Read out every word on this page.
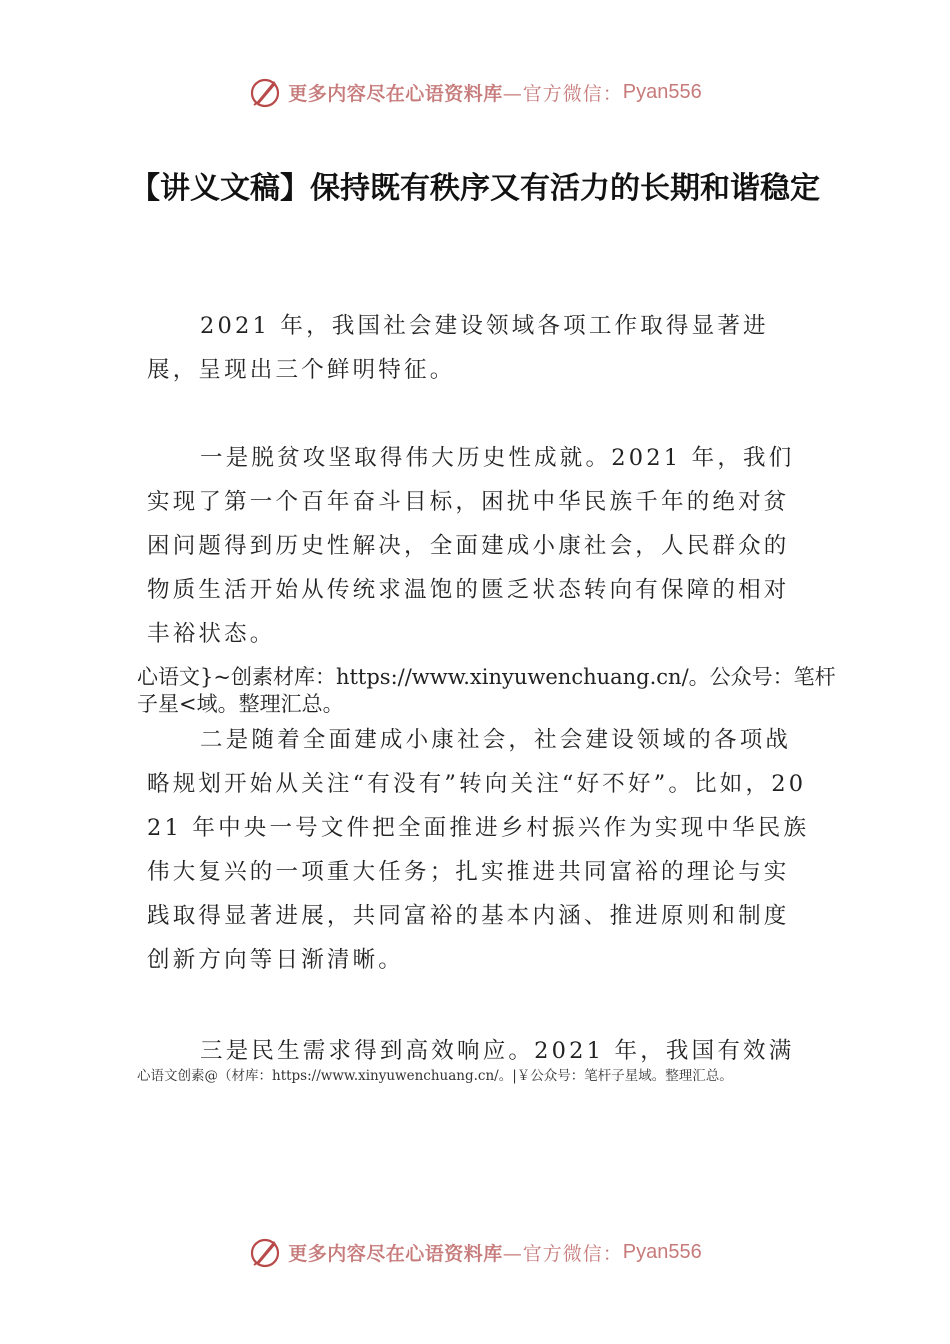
更多内容尽在心语资料库 —官方微信： Pyan556
【讲义文稿】保持既有秩序又有活力的长期和谐稳定

2021 年，我国社会建设领域各项工作取得显著进展，呈现出三个鲜明特征。

一是脱贫攻坚取得伟大历史性成就。2021 年，我们实现了第一个百年奋斗目标，困扰中华民族千年的绝对贫困问题得到历史性解决，全面建成小康社会，人民群众的物质生活开始从传统求温饱的匮乏状态转向有保障的相对丰裕状态。

心语文}~创素材库：https://www.xinyuwenchuang.cn/。公众号：笔杆子星<域。整理汇总。

二是随着全面建成小康社会，社会建设领域的各项战略规划开始从关注“有没有”转向关注“好不好”。比如，2021 年中央一号文件把全面推进乡村振兴作为实现中华民族伟大复兴的一项重大任务；扎实推进共同富裕的理论与实践取得显著进展，共同富裕的基本内涵、推进原则和制度创新方向等日渐清晰。

三是民生需求得到高效响应。2021 年，我国有效满

心语文创素@（材库：https://www.xinyuwenchuang.cn/。|￥公众号：笔杆子星域。整理汇总。

更多内容尽在心语资料库 —官方微信： Pyan556
